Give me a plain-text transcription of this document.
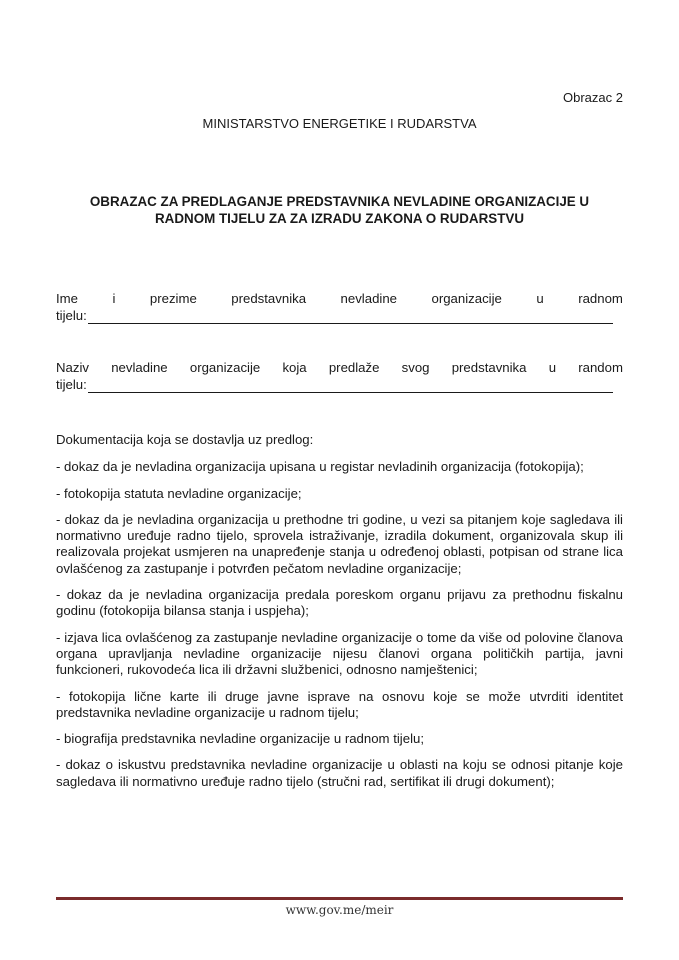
Obrazac 2
MINISTARSTVO ENERGETIKE I RUDARSTVA
OBRAZAC ZA PREDLAGANJE PREDSTAVNIKA NEVLADINE ORGANIZACIJE U
RADNOM TIJELU ZA ZA IZRADU ZAKONA O RUDARSTVU
Ime	i	prezime	predstavnika	nevladine	organizacije	u	radnom
tijelu:
Naziv nevladine organizacije koja predlaže svog predstavnika u random
tijelu:

Dokumentacija koja se dostavlja uz predlog:

- dokaz da je nevladina organizacija upisana u registar nevladinih organizacija (fotokopija);

- fotokopija statuta nevladine organizacije;

- dokaz da je nevladina organizacija u prethodne tri godine, u vezi sa pitanjem koje sagledava ili normativno uređuje radno tijelo, sprovela istraživanje, izradila dokument, organizovala skup ili realizovala projekat usmjeren na unapređenje stanja u određenoj oblasti, potpisan od strane lica ovlašćenog za zastupanje i potvrđen pečatom nevladine organizacije;

- dokaz da je nevladina organizacija predala poreskom organu prijavu za prethodnu fiskalnu godinu (fotokopija bilansa stanja i uspjeha);

- izjava lica ovlašćenog za zastupanje nevladine organizacije o tome da više od polovine članova organa upravljanja nevladine organizacije nijesu članovi organa političkih partija, javni funkcioneri, rukovodeća lica ili državni službenici, odnosno namještenici;

- fotokopija lične karte ili druge javne isprave na osnovu koje se može utvrditi identitet predstavnika nevladine organizacije u radnom tijelu;

- biografija predstavnika nevladine organizacije u radnom tijelu;

- dokaz o iskustvu predstavnika nevladine organizacije u oblasti na koju se odnosi pitanje koje sagledava ili normativno uređuje radno tijelo (stručni rad, sertifikat ili drugi dokument);

www.gov.me/meir
